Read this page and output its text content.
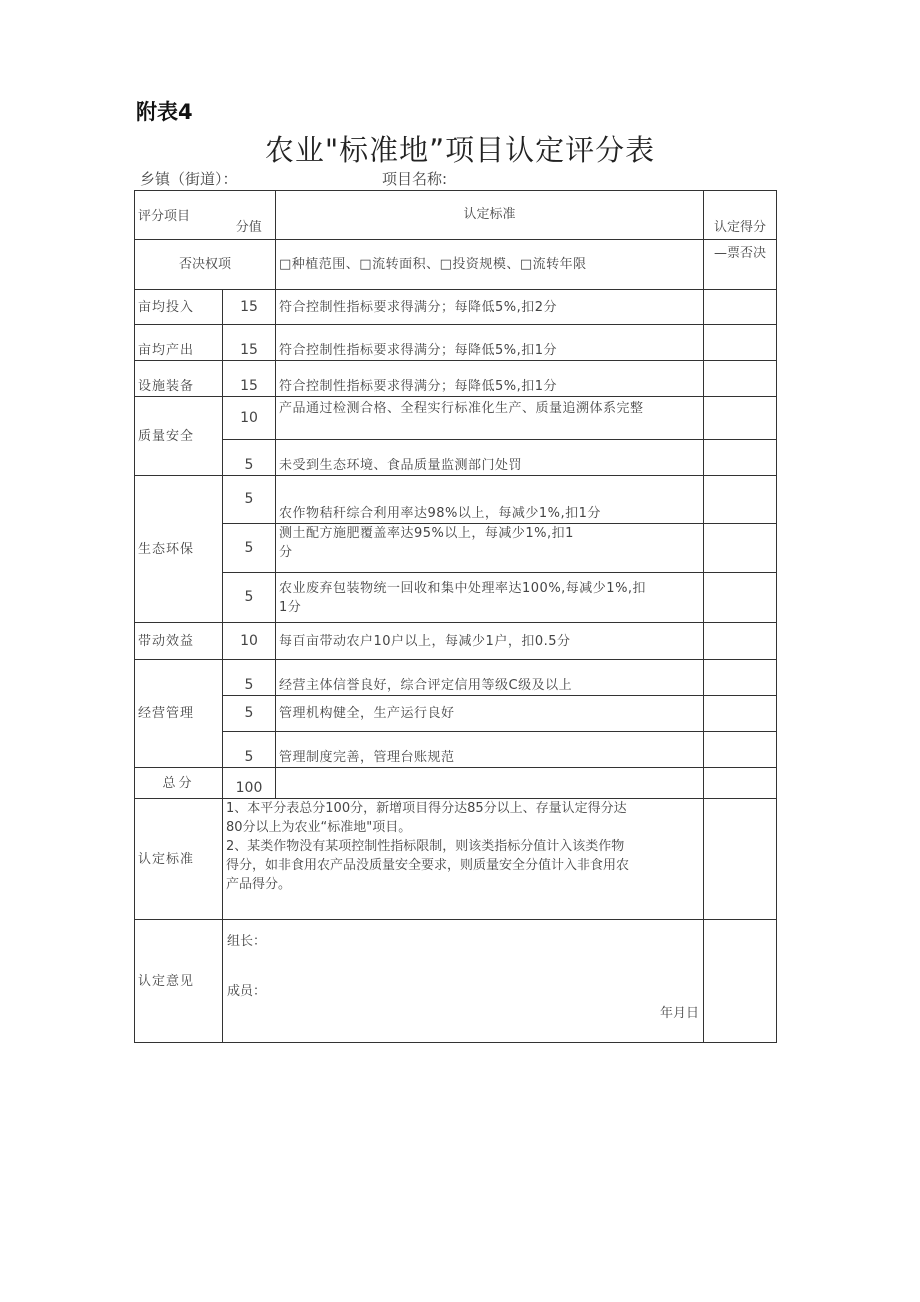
附表4
农业"标准地”项目认定评分表
乡镇（街道）：	项目名称:
评分项目	分值	认定标准	认定得分
否决权项		□种植范围、□流转面积、□投资规模、□流转年限	—票否决
亩均投入	15	符合控制性指标要求得满分；每降低5%,扣2分	
亩均产出	15	符合控制性指标要求得满分；每降低5%,扣1分	
设施装备	15	符合控制性指标要求得满分；每降低5%,扣1分	
质量安全	10	产品通过检测合格、全程实行标准化生产、质量追溯体系完整	
	5	未受到生态环境、食品质量监测部门处罚	
生态环保	5	农作物秸秆综合利用率达98%以上，每减少1%,扣1分	
	5	测土配方施肥覆盖率达95%以上，每减少1%,扣1
分	

	5	农业废弃包装物统一回收和集中处理率达100%,每减少1%,扣
1分	

带动效益	10	每百亩带动农户10户以上，每减少1户，扣0.5分	
经营管理	5	经营主体信誉良好，综合评定信用等级C级及以上	
	5	管理机构健全，生产运行良好	
	5	管理制度完善，管理台账规范	
总分	100		
认定标准	1、本平分表总分100分，新增项目得分达85分以上、存量认定得分达
80分以上为农业“标准地"项目。
2、某类作物没有某项控制性指标限制，则该类指标分值计入该类作物
得分，如非食用农产品没质量安全要求，则质量安全分值计入非食用农
产品得分。		

认定意见	组长：
成员：
年月日		
